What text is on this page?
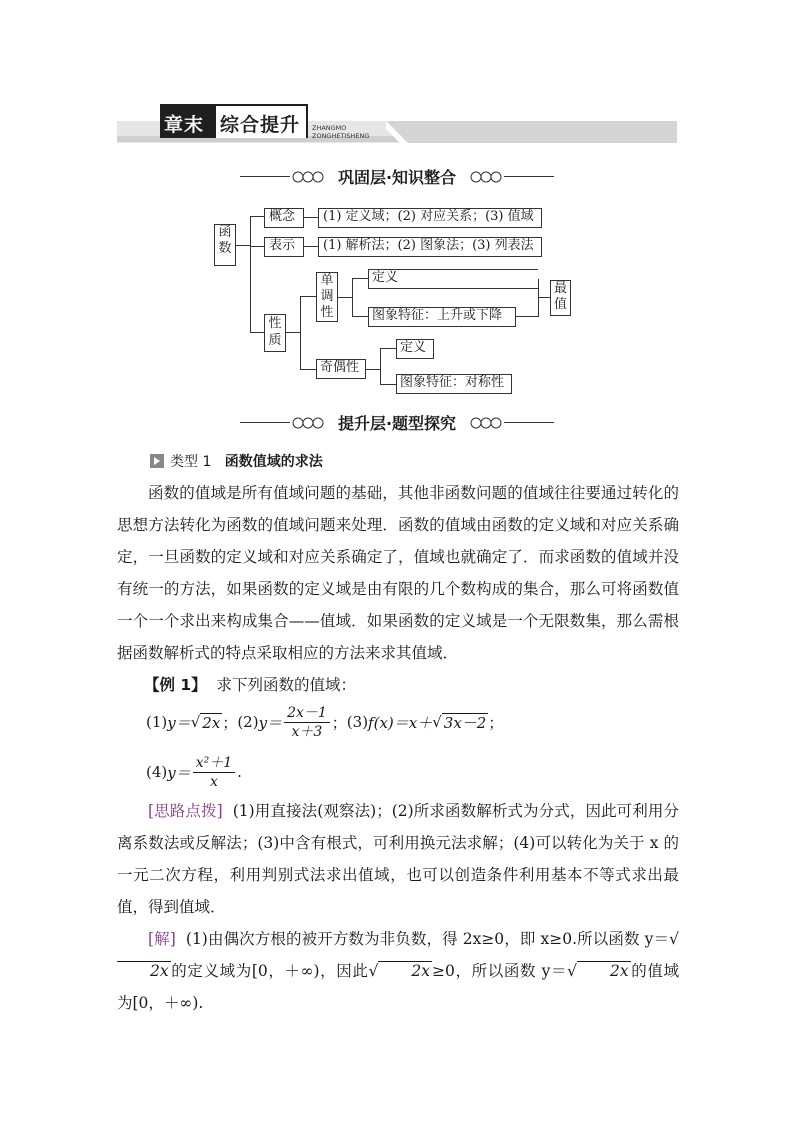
章末 综合提升 ZHANGMO
ZONGHETISHENG
巩固层·知识整合
函数
概念	(1) 定义域；(2) 对应关系；(3) 值域
表示	(1) 解析法；(2) 图象法；(3) 列表法
性质
单调性
定义
图象特征：上升或下降
最值
奇偶性
定义
图象特征：对称性
提升层·题型探究
类型 1 函数值域的求法
函数的值域是所有值域问题的基础，其他非函数问题的值域往往要通过转化的思想方法转化为函数的值域问题来处理．函数的值域由函数的定义域和对应关系确定，一旦函数的定义域和对应关系确定了，值域也就确定了．而求函数的值域并没有统一的方法，如果函数的定义域是由有限的几个数构成的集合，那么可将函数值一个一个求出来构成集合——值域．如果函数的定义域是一个无限数集，那么需根据函数解析式的特点采取相应的方法来求其值域．
【例 1】 求下列函数的值域：
(1) y＝ √ 2x ； (2) $y= \frac{2x-1}{x+3}$ ； (3) f(x)＝x＋ √ 3x－2 ；
(4) $y= \frac{\text{x²＋1}}{x}$ .
[思路点拨] (1)用直接法(观察法)；(2)所求函数解析式为分式，因此可利用分离系数法或反解法；(3)中含有根式，可利用换元法求解；(4)可以转化为关于 x 的一元二次方程，利用判别式法求出值域，也可以创造条件利用基本不等式求出最值，得到值域．
[解] (1)由偶次方根的被开方数为非负数，得 2x≥0，即 x≥0.所以函数 y＝√2x 的定义域为[0，＋∞)，因此√ 2x ≥0，所以函数 y＝√ 2x 的值域为[0，＋∞).
